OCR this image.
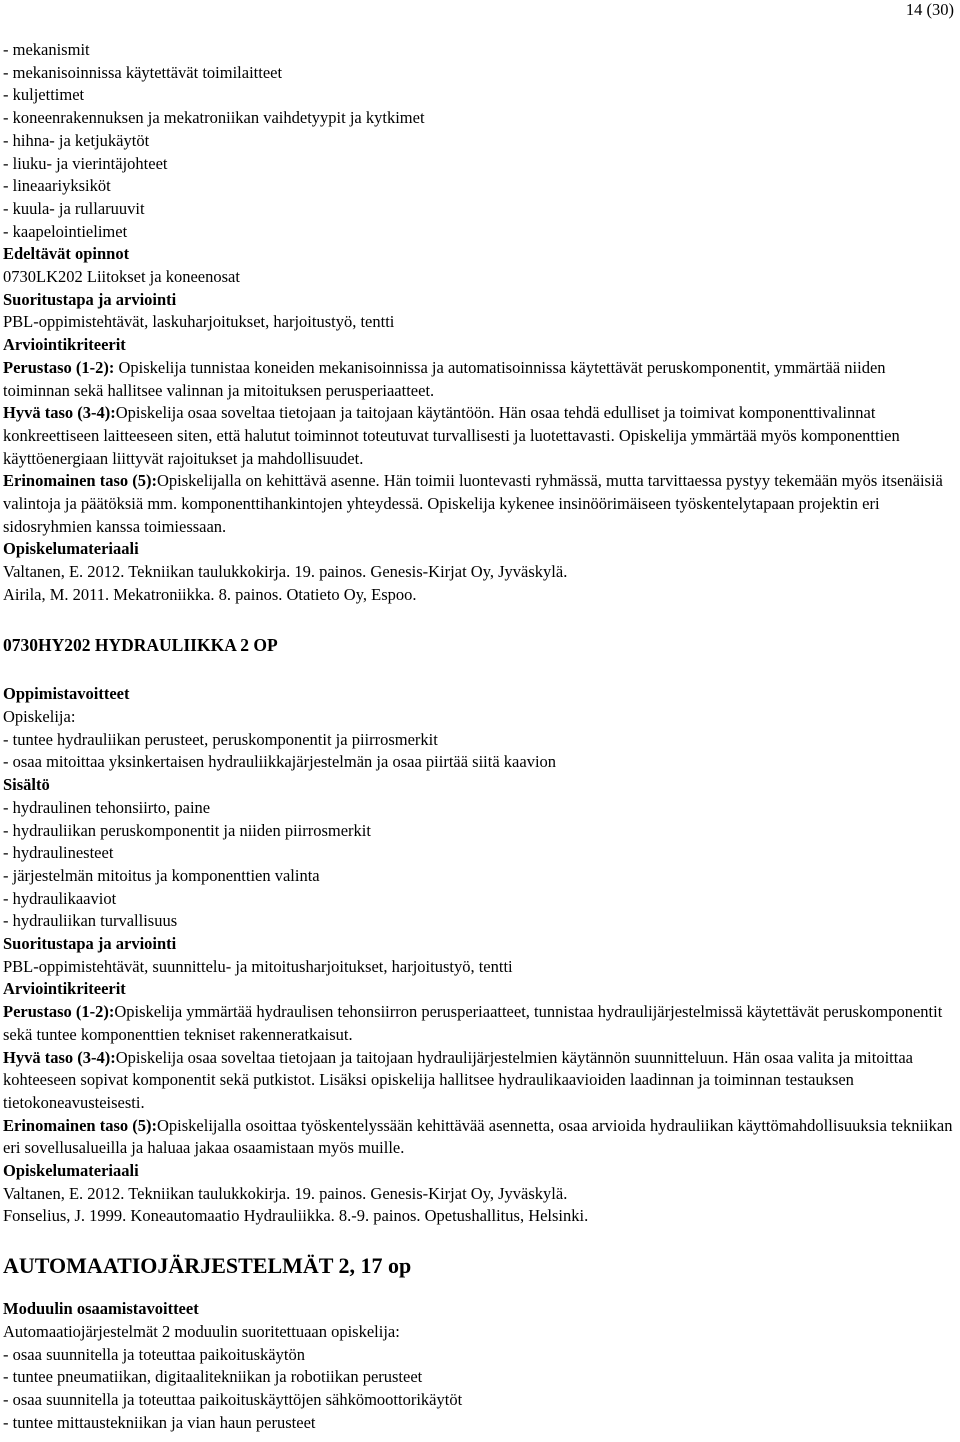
14 (30)

- mekanismit

- mekanisoinnissa käytettävät toimilaitteet

- kuljettimet

- koneenrakennuksen ja mekatroniikan vaihdetyypit ja kytkimet

- hihna- ja ketjukäytöt

- liuku- ja vierintäjohteet

- lineaariyksiköt

- kuula- ja rullaruuvit

- kaapelointielimet

Edeltävät opinnot

0730LK202 Liitokset ja koneenosat

Suoritustapa ja arviointi

PBL-oppimistehtävät, laskuharjoitukset, harjoitustyö, tentti

Arviointikriteerit

Perustaso (1-2): Opiskelija tunnistaa koneiden mekanisoinnissa ja automatisoinnissa käytettävät peruskomponentit, ymmärtää niiden toiminnan sekä hallitsee valinnan ja mitoituksen perusperiaatteet.

Hyvä taso (3-4):Opiskelija osaa soveltaa tietojaan ja taitojaan käytäntöön. Hän osaa tehdä edulliset ja toimivat komponenttivalinnat konkreettiseen laitteeseen siten, että halutut toiminnot toteutuvat turvallisesti ja luotettavasti. Opiskelija ymmärtää myös komponenttien käyttöenergiaan liittyvät rajoitukset ja mahdollisuudet.

Erinomainen taso (5):Opiskelijalla on kehittävä asenne. Hän toimii luontevasti ryhmässä, mutta tarvittaessa pystyy tekemään myös itsenäisiä valintoja ja päätöksiä mm. komponenttihankintojen yhteydessä. Opiskelija kykenee insinöörimäiseen työskentelytapaan projektin eri sidosryhmien kanssa toimiessaan.

Opiskelumateriaali

Valtanen, E. 2012. Tekniikan taulukkokirja. 19. painos. Genesis-Kirjat Oy, Jyväskylä.

Airila, M. 2011. Mekatroniikka. 8. painos. Otatieto Oy, Espoo.

0730HY202 HYDRAULIIKKA 2 OP

Oppimistavoitteet

Opiskelija:

- tuntee hydrauliikan perusteet, peruskomponentit ja piirrosmerkit

- osaa mitoittaa yksinkertaisen hydrauliikkajärjestelmän ja osaa piirtää siitä kaavion

Sisältö

- hydraulinen tehonsiirto, paine

- hydrauliikan peruskomponentit ja niiden piirrosmerkit

- hydraulinesteet

- järjestelmän mitoitus ja komponenttien valinta

- hydraulikaaviot

- hydrauliikan turvallisuus

Suoritustapa ja arviointi

PBL-oppimistehtävät, suunnittelu- ja mitoitusharjoitukset, harjoitustyö, tentti

Arviointikriteerit

Perustaso (1-2):Opiskelija ymmärtää hydraulisen tehonsiirron perusperiaatteet, tunnistaa hydraulijärjestelmissä käytettävät peruskomponentit sekä tuntee komponenttien tekniset rakenneratkaisut.

Hyvä taso (3-4):Opiskelija osaa soveltaa tietojaan ja taitojaan hydraulijärjestelmien käytännön suunnitteluun. Hän osaa valita ja mitoittaa kohteeseen sopivat komponentit sekä putkistot. Lisäksi opiskelija hallitsee hydraulikaavioiden laadinnan ja toiminnan testauksen tietokoneavusteisesti.

Erinomainen taso (5):Opiskelijalla osoittaa työskentelyssään kehittävää asennetta, osaa arvioida hydrauliikan käyttömahdollisuuksia tekniikan eri sovellusalueilla ja haluaa jakaa osaamistaan myös muille.

Opiskelumateriaali

Valtanen, E. 2012. Tekniikan taulukkokirja. 19. painos. Genesis-Kirjat Oy, Jyväskylä.

Fonselius, J. 1999. Koneautomaatio Hydrauliikka. 8.-9. painos. Opetushallitus, Helsinki.

AUTOMAATIOJÄRJESTELMÄT 2, 17 op

Moduulin osaamistavoitteet

Automaatiojärjestelmät 2 moduulin suoritettuaan opiskelija:

- osaa suunnitella ja toteuttaa paikoituskäytön

- tuntee pneumatiikan, digitaalitekniikan ja robotiikan perusteet

- osaa suunnitella ja toteuttaa paikoituskäyttöjen sähkömoottorikäytöt

- tuntee mittaustekniikan ja vian haun perusteet
